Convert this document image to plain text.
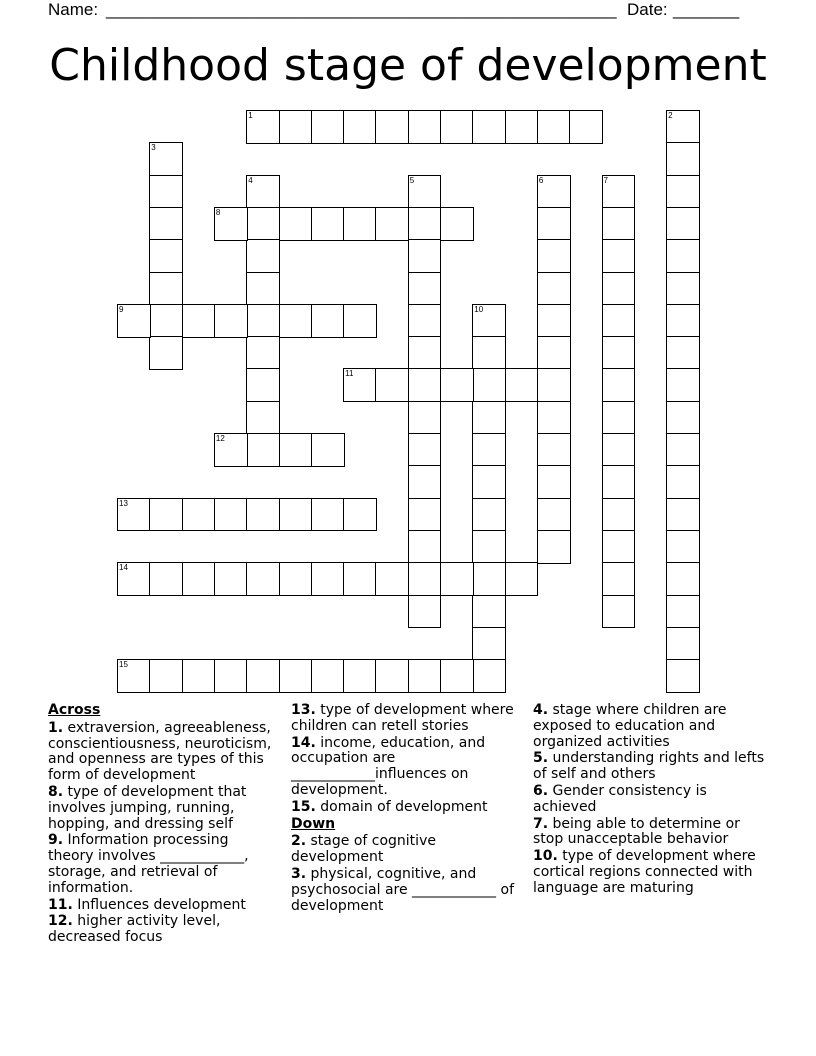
Name: ______________________________________________________ Date: _______
Childhood stage of development
1	2
3
4	5	6	7
8
9	10
11
12
13
14
15
Across
1. extraversion, agreeableness, conscientiousness, neuroticism, and openness are types of this form of development
8. type of development that involves jumping, running, hopping, and dressing self
9. Information processing theory involves ____________, storage, and retrieval of information.
11. Influences development
12. higher activity level, decreased focus
13. type of development where children can retell stories
14. income, education, and occupation are ____________influences on development.
15. domain of development
Down
2. stage of cognitive development
3. physical, cognitive, and psychosocial are ____________ of development
4. stage where children are exposed to education and organized activities
5. understanding rights and lefts of self and others
6. Gender consistency is achieved
7. being able to determine or stop unacceptable behavior
10. type of development where cortical regions connected with language are maturing
